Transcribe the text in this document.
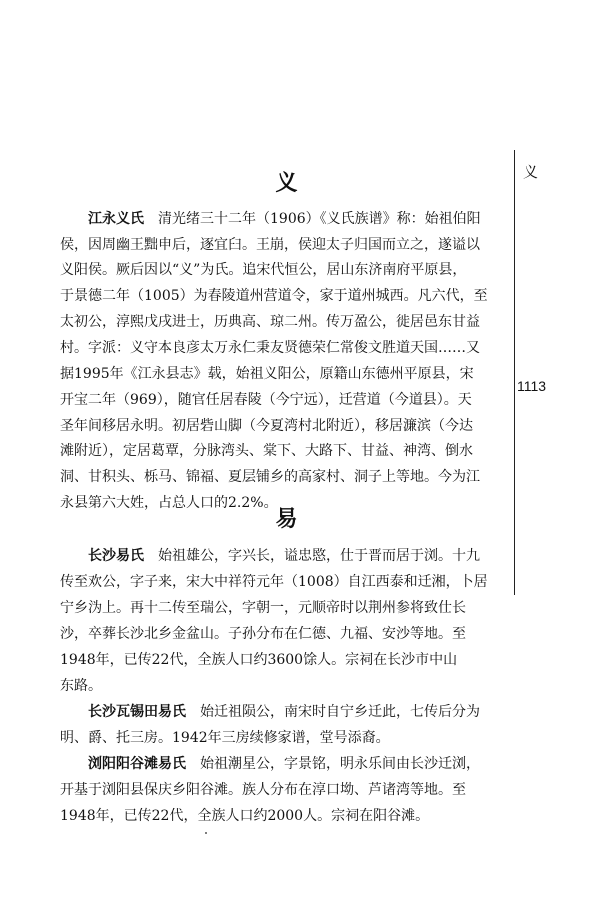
义
1113
义
江永义氏　 清光绪三十二年（1906）《义氏族谱》称：始祖伯阳
侯，因周幽王黜申后，逐宜臼。王崩，侯迎太子归国而立之，遂谥以
义阳侯。厥后因以“义”为氏。追宋代恒公，居山东济南府平原县，
于景德二年（1005）为春陵道州营道令，家于道州城西。凡六代，至
太初公，淳熙戊戌进士，历典高、琼二州。传万盈公，徙居邑东甘益
村。字派：义守本良彦太万永仁秉友贤德荣仁常俊文胜道天国……又
据1995年《江永县志》载，始祖义阳公，原籍山东德州平原县，宋
开宝二年（969），随官任居春陵（今宁远），迁营道（今道县）。天
圣年间移居永明。初居砦山脚（今夏湾村北附近），移居濂滨（今达
滩附近），定居葛覃，分脉湾头、棠下、大路下、甘益、神湾、倒水
洞、甘积头、栎马、锦福、夏层铺乡的高家村、洞子上等地。今为江
永县第六大姓，占总人口的2.2%。
易
长沙易氏　 始祖雄公，字兴长，谥忠愍，仕于晋而居于浏。十九
传至欢公，字子来，宋大中祥符元年（1008）自江西泰和迁湘，卜居
宁乡沩上。再十二传至瑞公，字朝一，元顺帝时以荆州参将致仕长
沙，卒葬长沙北乡金盆山。子孙分布在仁德、九福、安沙等地。至
1948年，已传22代，全族人口约3600馀人。宗祠在长沙市中山
东路。
长沙瓦锡田易氏　 始迁祖陨公，南宋时自宁乡迁此，七传后分为
明、爵、托三房。1942年三房续修家谱，堂号添裔。
浏阳阳谷滩易氏　 始祖潮星公，字景铭，明永乐间由长沙迁浏，
开基于浏阳县保庆乡阳谷滩。族人分布在淳口坳、芦诸湾等地。至
1948年，已传22代，全族人口约2000人。宗祠在阳谷滩。
